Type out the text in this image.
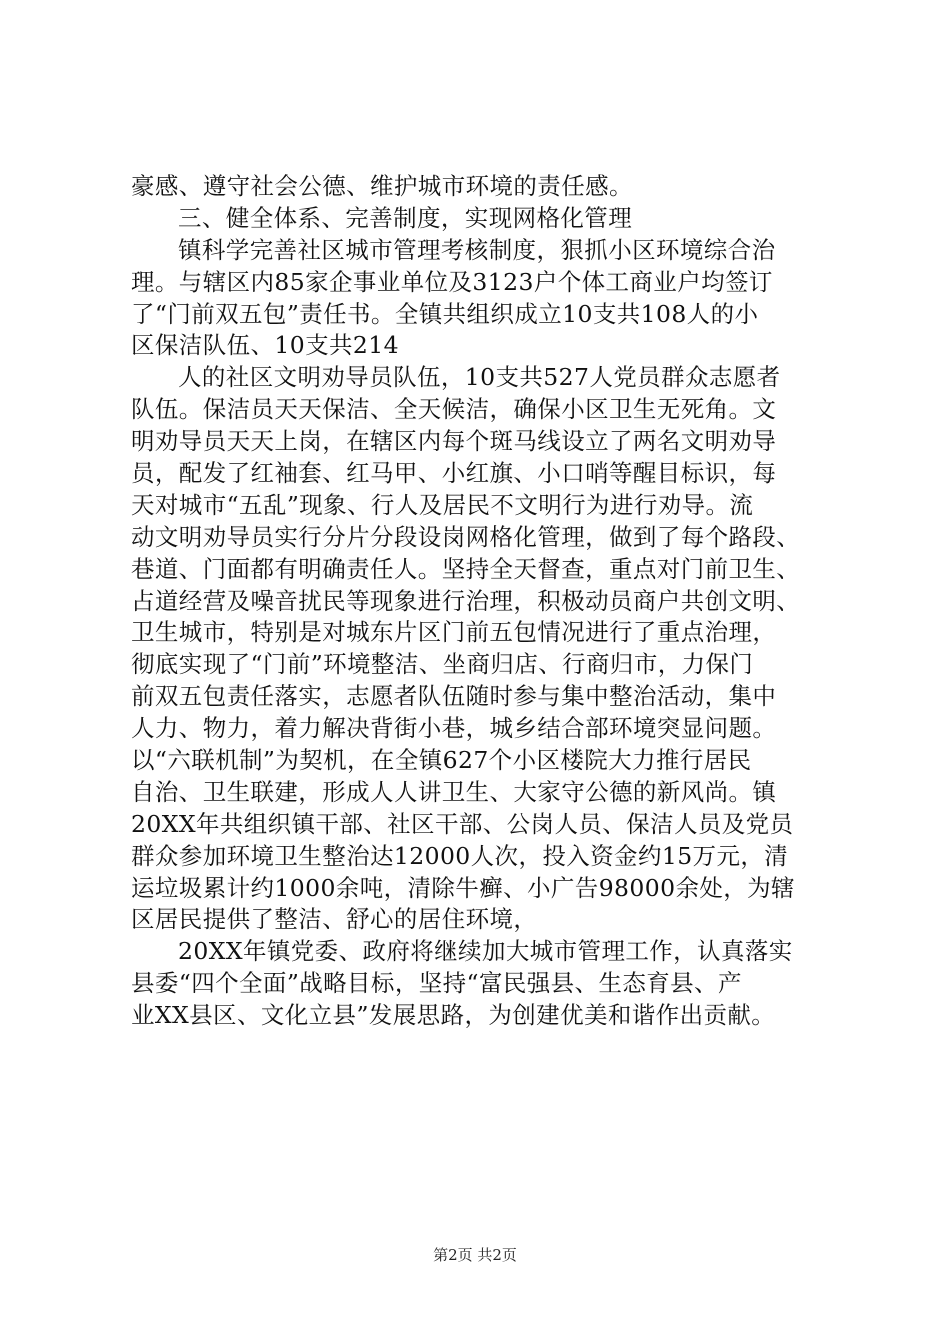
豪感、遵守社会公德、维护城市环境的责任感。
三、健全体系、完善制度，实现网格化管理
镇科学完善社区城市管理考核制度，狠抓小区环境综合治
理。与辖区内85家企事业单位及3123户个体工商业户均签订
了“门前双五包”责任书。全镇共组织成立10支共108人的小
区保洁队伍、10支共214
人的社区文明劝导员队伍，10支共527人党员群众志愿者
队伍。保洁员天天保洁、全天候洁，确保小区卫生无死角。文
明劝导员天天上岗，在辖区内每个斑马线设立了两名文明劝导
员，配发了红袖套、红马甲、小红旗、小口哨等醒目标识，每
天对城市“五乱”现象、行人及居民不文明行为进行劝导。流
动文明劝导员实行分片分段设岗网格化管理，做到了每个路段、
巷道、门面都有明确责任人。坚持全天督查，重点对门前卫生、
占道经营及噪音扰民等现象进行治理，积极动员商户共创文明、
卫生城市，特别是对城东片区门前五包情况进行了重点治理，
彻底实现了“门前”环境整洁、坐商归店、行商归市，力保门
前双五包责任落实，志愿者队伍随时参与集中整治活动，集中
人力、物力，着力解决背街小巷，城乡结合部环境突显问题。
以“六联机制”为契机，在全镇627个小区楼院大力推行居民
自治、卫生联建，形成人人讲卫生、大家守公德的新风尚。镇
20XX年共组织镇干部、社区干部、公岗人员、保洁人员及党员
群众参加环境卫生整治达12000人次，投入资金约15万元，清
运垃圾累计约1000余吨，清除牛癣、小广告98000余处，为辖
区居民提供了整洁、舒心的居住环境，
20XX年镇党委、政府将继续加大城市管理工作，认真落实
县委“四个全面”战略目标，坚持“富民强县、生态育县、产
业XX县区、文化立县”发展思路，为创建优美和谐作出贡献。
第2页 共2页
